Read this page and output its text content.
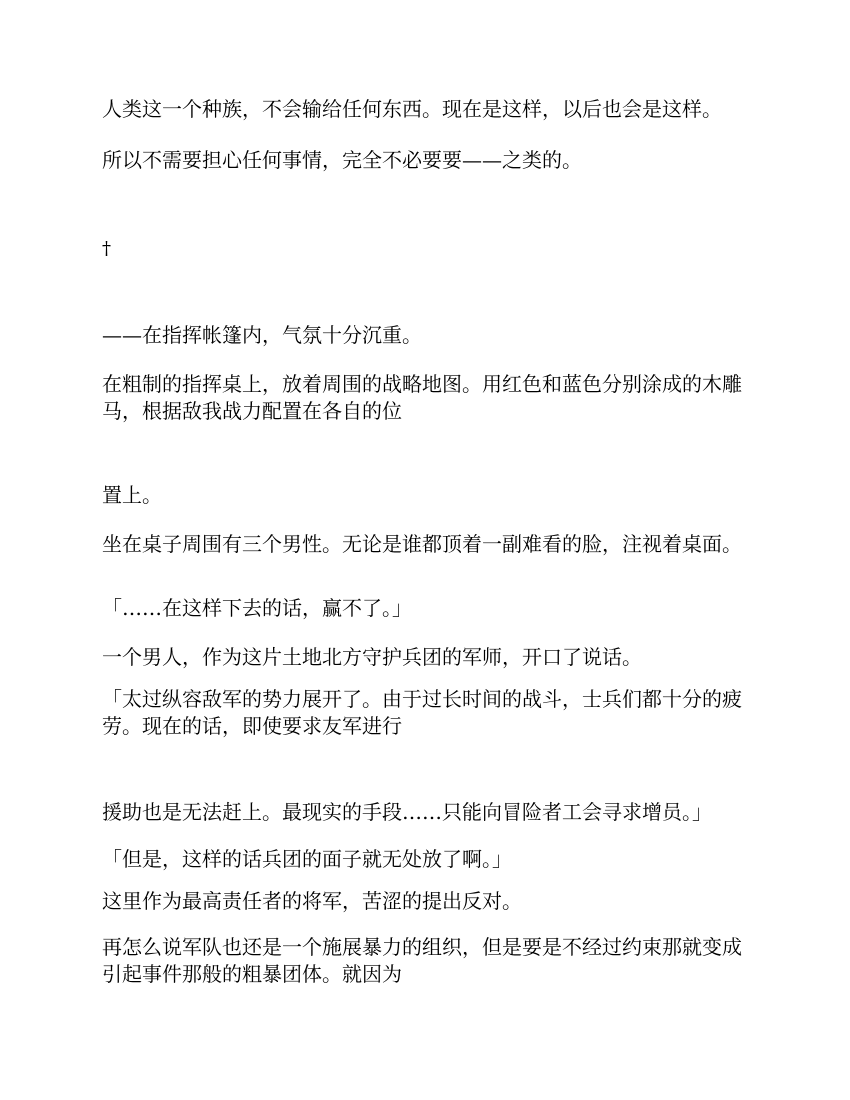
人类这一个种族，不会输给任何东西。现在是这样，以后也会是这样。

所以不需要担心任何事情，完全不必要要——之类的。

†

——在指挥帐篷内，气氛十分沉重。

在粗制的指挥桌上，放着周围的战略地图。用红色和蓝色分别涂成的木雕马，根据敌我战力配置在各自的位

置上。

坐在桌子周围有三个男性。无论是谁都顶着一副难看的脸，注视着桌面。

「……在这样下去的话，赢不了。」

一个男人，作为这片土地北方守护兵团的军师，开口了说话。

「太过纵容敌军的势力展开了。由于过长时间的战斗，士兵们都十分的疲劳。现在的话，即使要求友军进行

援助也是无法赶上。最现实的手段……只能向冒险者工会寻求增员。」

「但是，这样的话兵团的面子就无处放了啊。」

这里作为最高责任者的将军，苦涩的提出反对。

再怎么说军队也还是一个施展暴力的组织，但是要是不经过约束那就变成引起事件那般的粗暴团体。就因为
